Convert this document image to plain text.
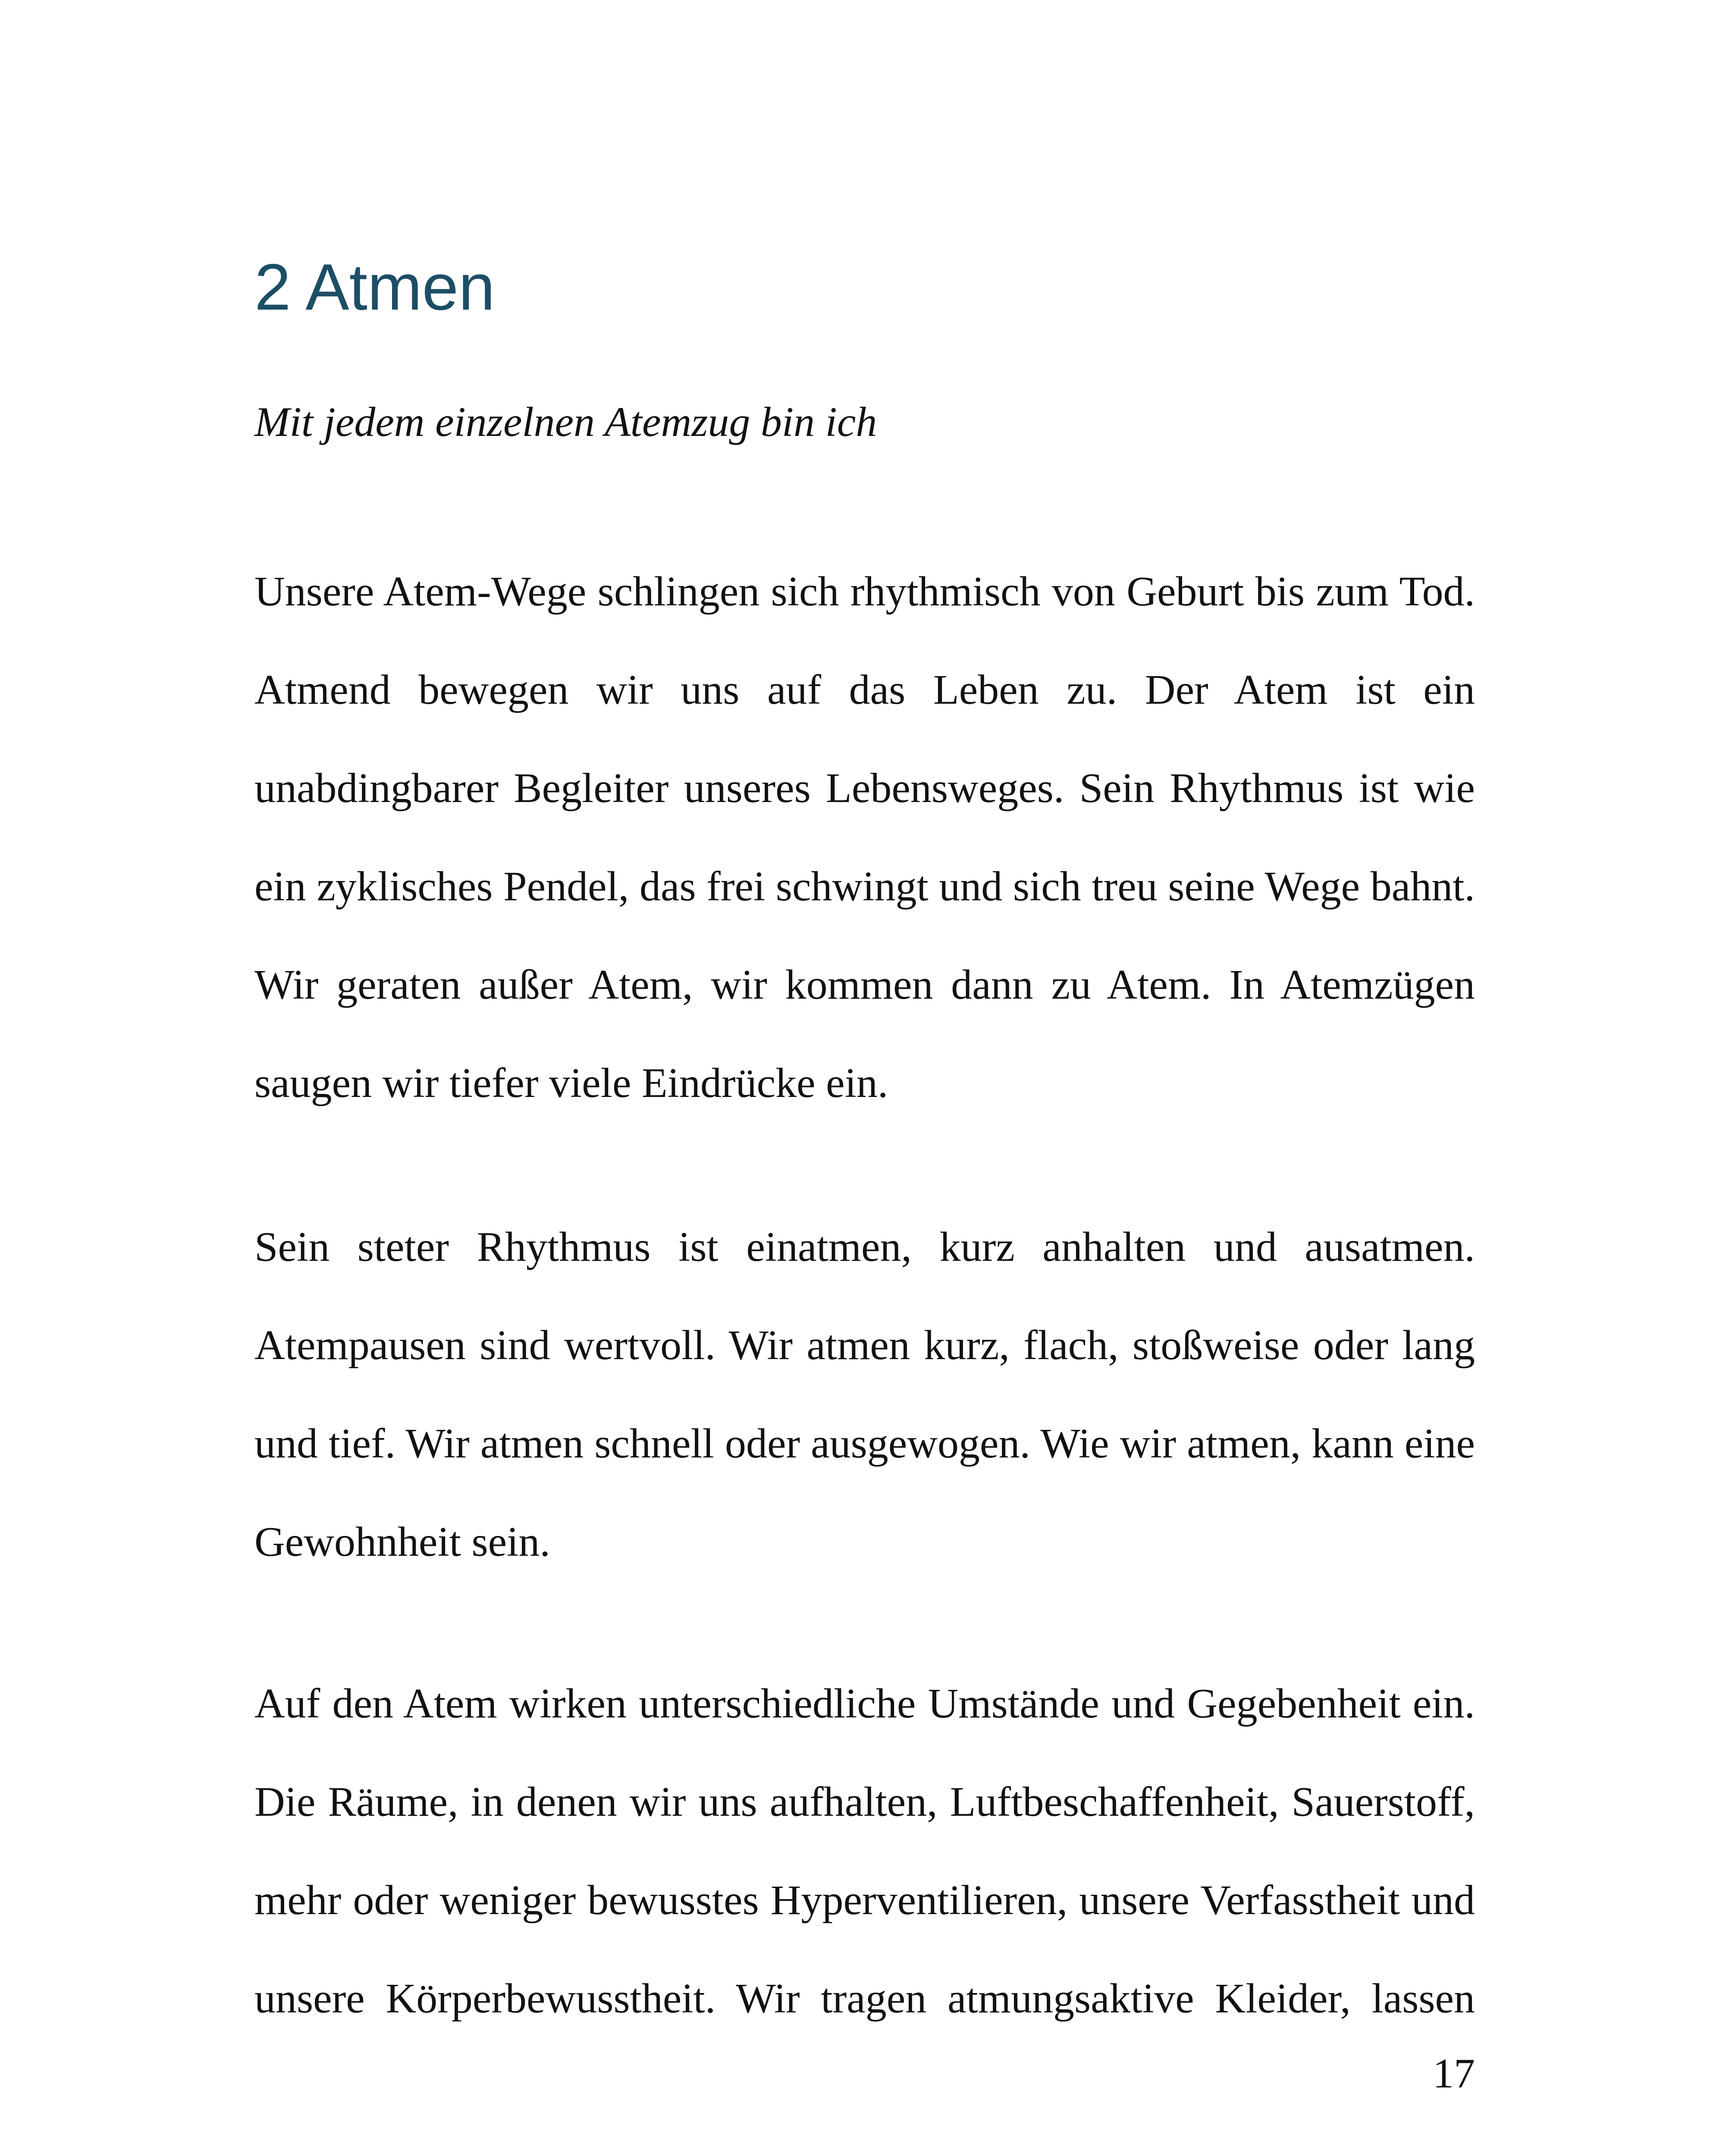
2 Atmen

Mit jedem einzelnen Atemzug bin ich

Unsere Atem-Wege schlingen sich rhythmisch von Geburt bis zum Tod.
Atmend bewegen wir uns auf das Leben zu. Der Atem ist ein
unabdingbarer Begleiter unseres Lebensweges. Sein Rhythmus ist wie
ein zyklisches Pendel, das frei schwingt und sich treu seine Wege bahnt.
Wir geraten außer Atem, wir kommen dann zu Atem. In Atemzügen
saugen wir tiefer viele Eindrücke ein.
Sein steter Rhythmus ist einatmen, kurz anhalten und ausatmen.
Atempausen sind wertvoll. Wir atmen kurz, flach, stoßweise oder lang
und tief. Wir atmen schnell oder ausgewogen. Wie wir atmen, kann eine
Gewohnheit sein.
Auf den Atem wirken unterschiedliche Umstände und Gegebenheit ein.
Die Räume, in denen wir uns aufhalten, Luftbeschaffenheit, Sauerstoff,
mehr oder weniger bewusstes Hyperventilieren, unsere Verfasstheit und
unsere Körperbewusstheit. Wir tragen atmungsaktive Kleider, lassen

17
